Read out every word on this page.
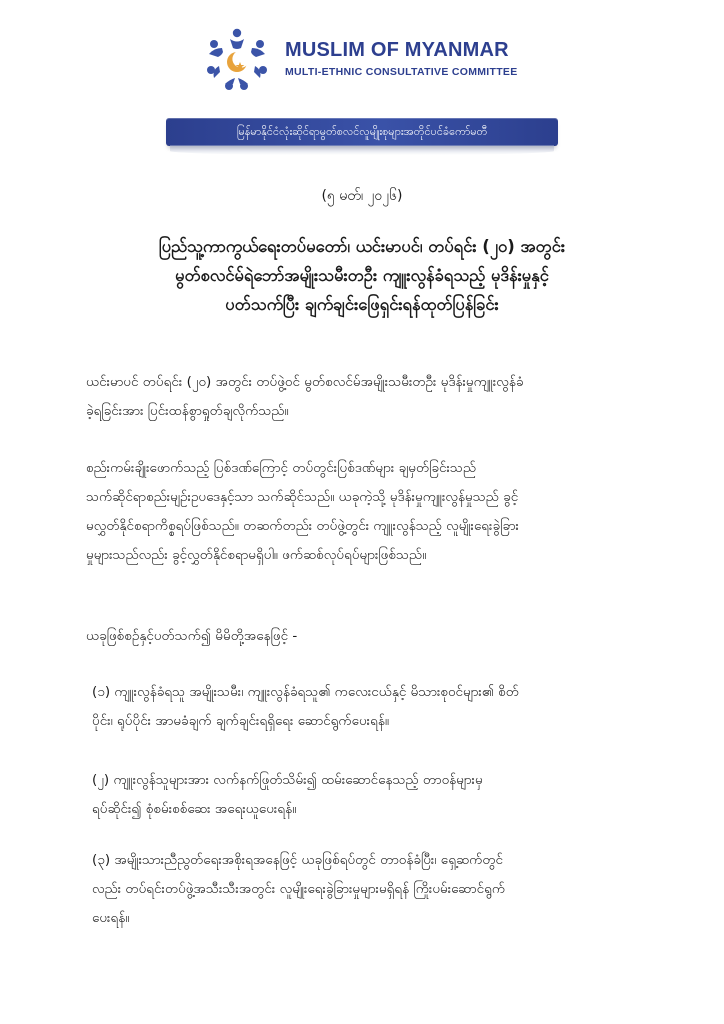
MUSLIM OF MYANMAR
MULTI-ETHNIC CONSULTATIVE COMMITTEE
မြန်မာနိုင်ငံလုံးဆိုင်ရာမွတ်စလင်လူမျိုးစုများအတိုင်ပင်ခံကော်မတီ
(၅ မတ်၊ ၂၀၂၆)
ပြည်သူ့ကာကွယ်ရေးတပ်မတော်၊ ယင်းမာပင်၊ တပ်ရင်း (၂၀) အတွင်း
မွတ်စလင်မ်ရဲဘော်အမျိုးသမီးတဦး ကျူးလွန်ခံရသည့် မုဒိန်းမှုနှင့်
ပတ်သက်ပြီး ချက်ချင်းဖြေရှင်းရန်ထုတ်ပြန်ခြင်း
ယင်းမာပင် တပ်ရင်း (၂၀) အတွင်း တပ်ဖွဲ့ဝင် မွတ်စလင်မ်အမျိုးသမီးတဦး မုဒိန်းမှုကျူးလွန်ခံ
ခဲ့ရခြင်းအား ပြင်းထန်စွာရှုတ်ချလိုက်သည်။
စည်းကမ်းချိုးဖောက်သည့် ပြစ်ဒဏ်ကြောင့် တပ်တွင်းပြစ်ဒဏ်များ ချမှတ်ခြင်းသည်
သက်ဆိုင်ရာစည်းမျဉ်းဥပဒေနှင့်သာ သက်ဆိုင်သည်။ ယခုကဲ့သို့ မုဒိန်းမှုကျူးလွန်မှုသည် ခွင့်
မလွှတ်နိုင်စရာကိစ္စရပ်ဖြစ်သည်။ တဆက်တည်း တပ်ဖွဲ့တွင်း ကျူးလွန်သည့် လူမျိုးရေးခွဲခြား
မှုများသည်လည်း ခွင့်လွှတ်နိုင်စရာမရှိပါ။ ဖက်ဆစ်လုပ်ရပ်များဖြစ်သည်။
ယခုဖြစ်စဉ်နှင့်ပတ်သက်၍ မိမိတို့အနေဖြင့် -
(၁) ကျူးလွန်ခံရသူ အမျိုးသမီး၊ ကျူးလွန်ခံရသူ၏ ကလေးငယ်နှင့် မိသားစုဝင်များ၏ စိတ်
ပိုင်း၊ ရုပ်ပိုင်း အာမခံချက် ချက်ချင်းရရှိရေး ဆောင်ရွက်ပေးရန်။
(၂) ကျူးလွန်သူများအား လက်နက်ဖြုတ်သိမ်း၍ ထမ်းဆောင်နေသည့် တာဝန်များမှ
ရပ်ဆိုင်း၍ စုံစမ်းစစ်ဆေး အရေးယူပေးရန်။
(၃) အမျိုးသားညီညွတ်ရေးအစိုးရအနေဖြင့် ယခုဖြစ်ရပ်တွင် တာဝန်ခံပြီး၊ ရှေ့ဆက်တွင်
လည်း တပ်ရင်းတပ်ဖွဲ့အသီးသီးအတွင်း လူမျိုးရေးခွဲခြားမှုများမရှိရန် ကြိုးပမ်းဆောင်ရွက်
ပေးရန်။
